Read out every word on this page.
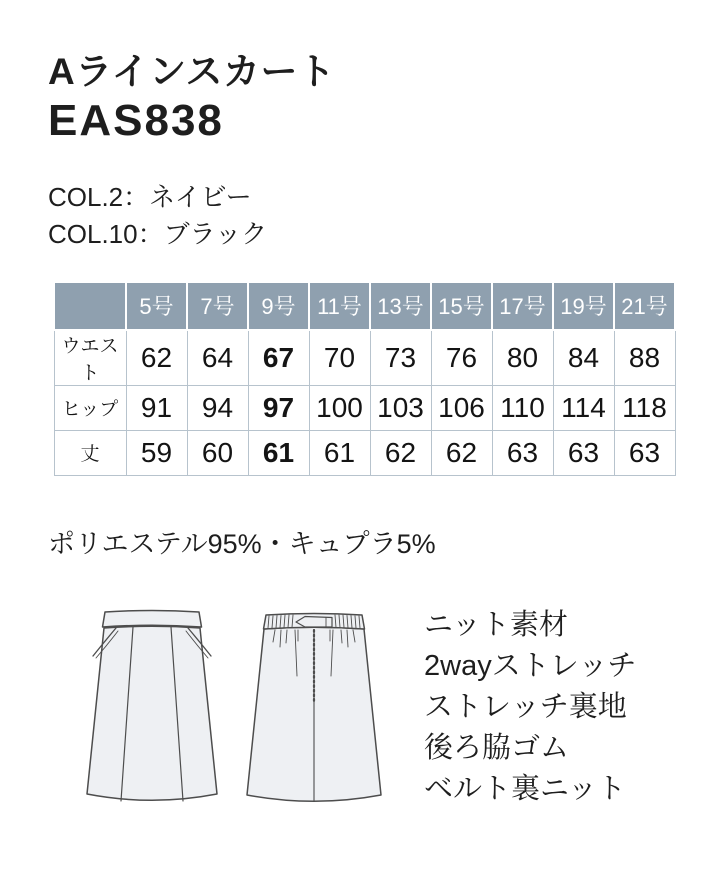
Aラインスカート
EAS838
COL.2：ネイビー
COL.10：ブラック
	5号	7号	9号	11号	13号	15号	17号	19号	21号
ウエスト	62	64	67	70	73	76	80	84	88
ヒップ	91	94	97	100	103	106	110	114	118
丈	59	60	61	61	62	62	63	63	63
ポリエステル95%・キュプラ5%
ニット素材
2wayストレッチ
ストレッチ裏地
後ろ脇ゴム
ベルト裏ニット
